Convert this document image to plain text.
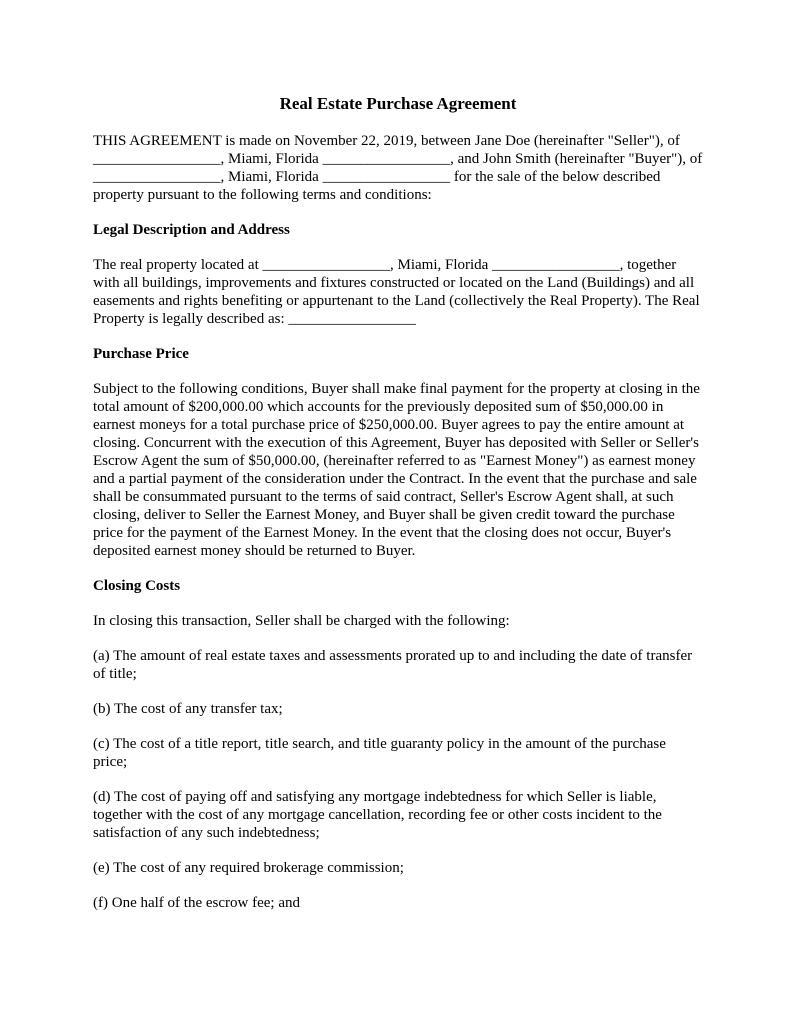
Real Estate Purchase Agreement

THIS AGREEMENT is made on November 22, 2019, between Jane Doe (hereinafter "Seller"), of _________________, Miami, Florida _________________, and John Smith (hereinafter "Buyer"), of _________________, Miami, Florida _________________ for the sale of the below described property pursuant to the following terms and conditions:

Legal Description and Address

The real property located at _________________, Miami, Florida _________________, together with all buildings, improvements and fixtures constructed or located on the Land (Buildings) and all easements and rights benefiting or appurtenant to the Land (collectively the Real Property). The Real Property is legally described as: _________________

Purchase Price

Subject to the following conditions, Buyer shall make final payment for the property at closing in the total amount of $200,000.00 which accounts for the previously deposited sum of $50,000.00 in earnest moneys for a total purchase price of $250,000.00. Buyer agrees to pay the entire amount at closing. Concurrent with the execution of this Agreement, Buyer has deposited with Seller or Seller's Escrow Agent the sum of $50,000.00, (hereinafter referred to as "Earnest Money") as earnest money and a partial payment of the consideration under the Contract. In the event that the purchase and sale shall be consummated pursuant to the terms of said contract, Seller's Escrow Agent shall, at such closing, deliver to Seller the Earnest Money, and Buyer shall be given credit toward the purchase price for the payment of the Earnest Money. In the event that the closing does not occur, Buyer's deposited earnest money should be returned to Buyer.

Closing Costs

In closing this transaction, Seller shall be charged with the following:

(a) The amount of real estate taxes and assessments prorated up to and including the date of transfer of title;

(b) The cost of any transfer tax;

(c) The cost of a title report, title search, and title guaranty policy in the amount of the purchase price;

(d) The cost of paying off and satisfying any mortgage indebtedness for which Seller is liable, together with the cost of any mortgage cancellation, recording fee or other costs incident to the satisfaction of any such indebtedness;

(e) The cost of any required brokerage commission;

(f) One half of the escrow fee; and
